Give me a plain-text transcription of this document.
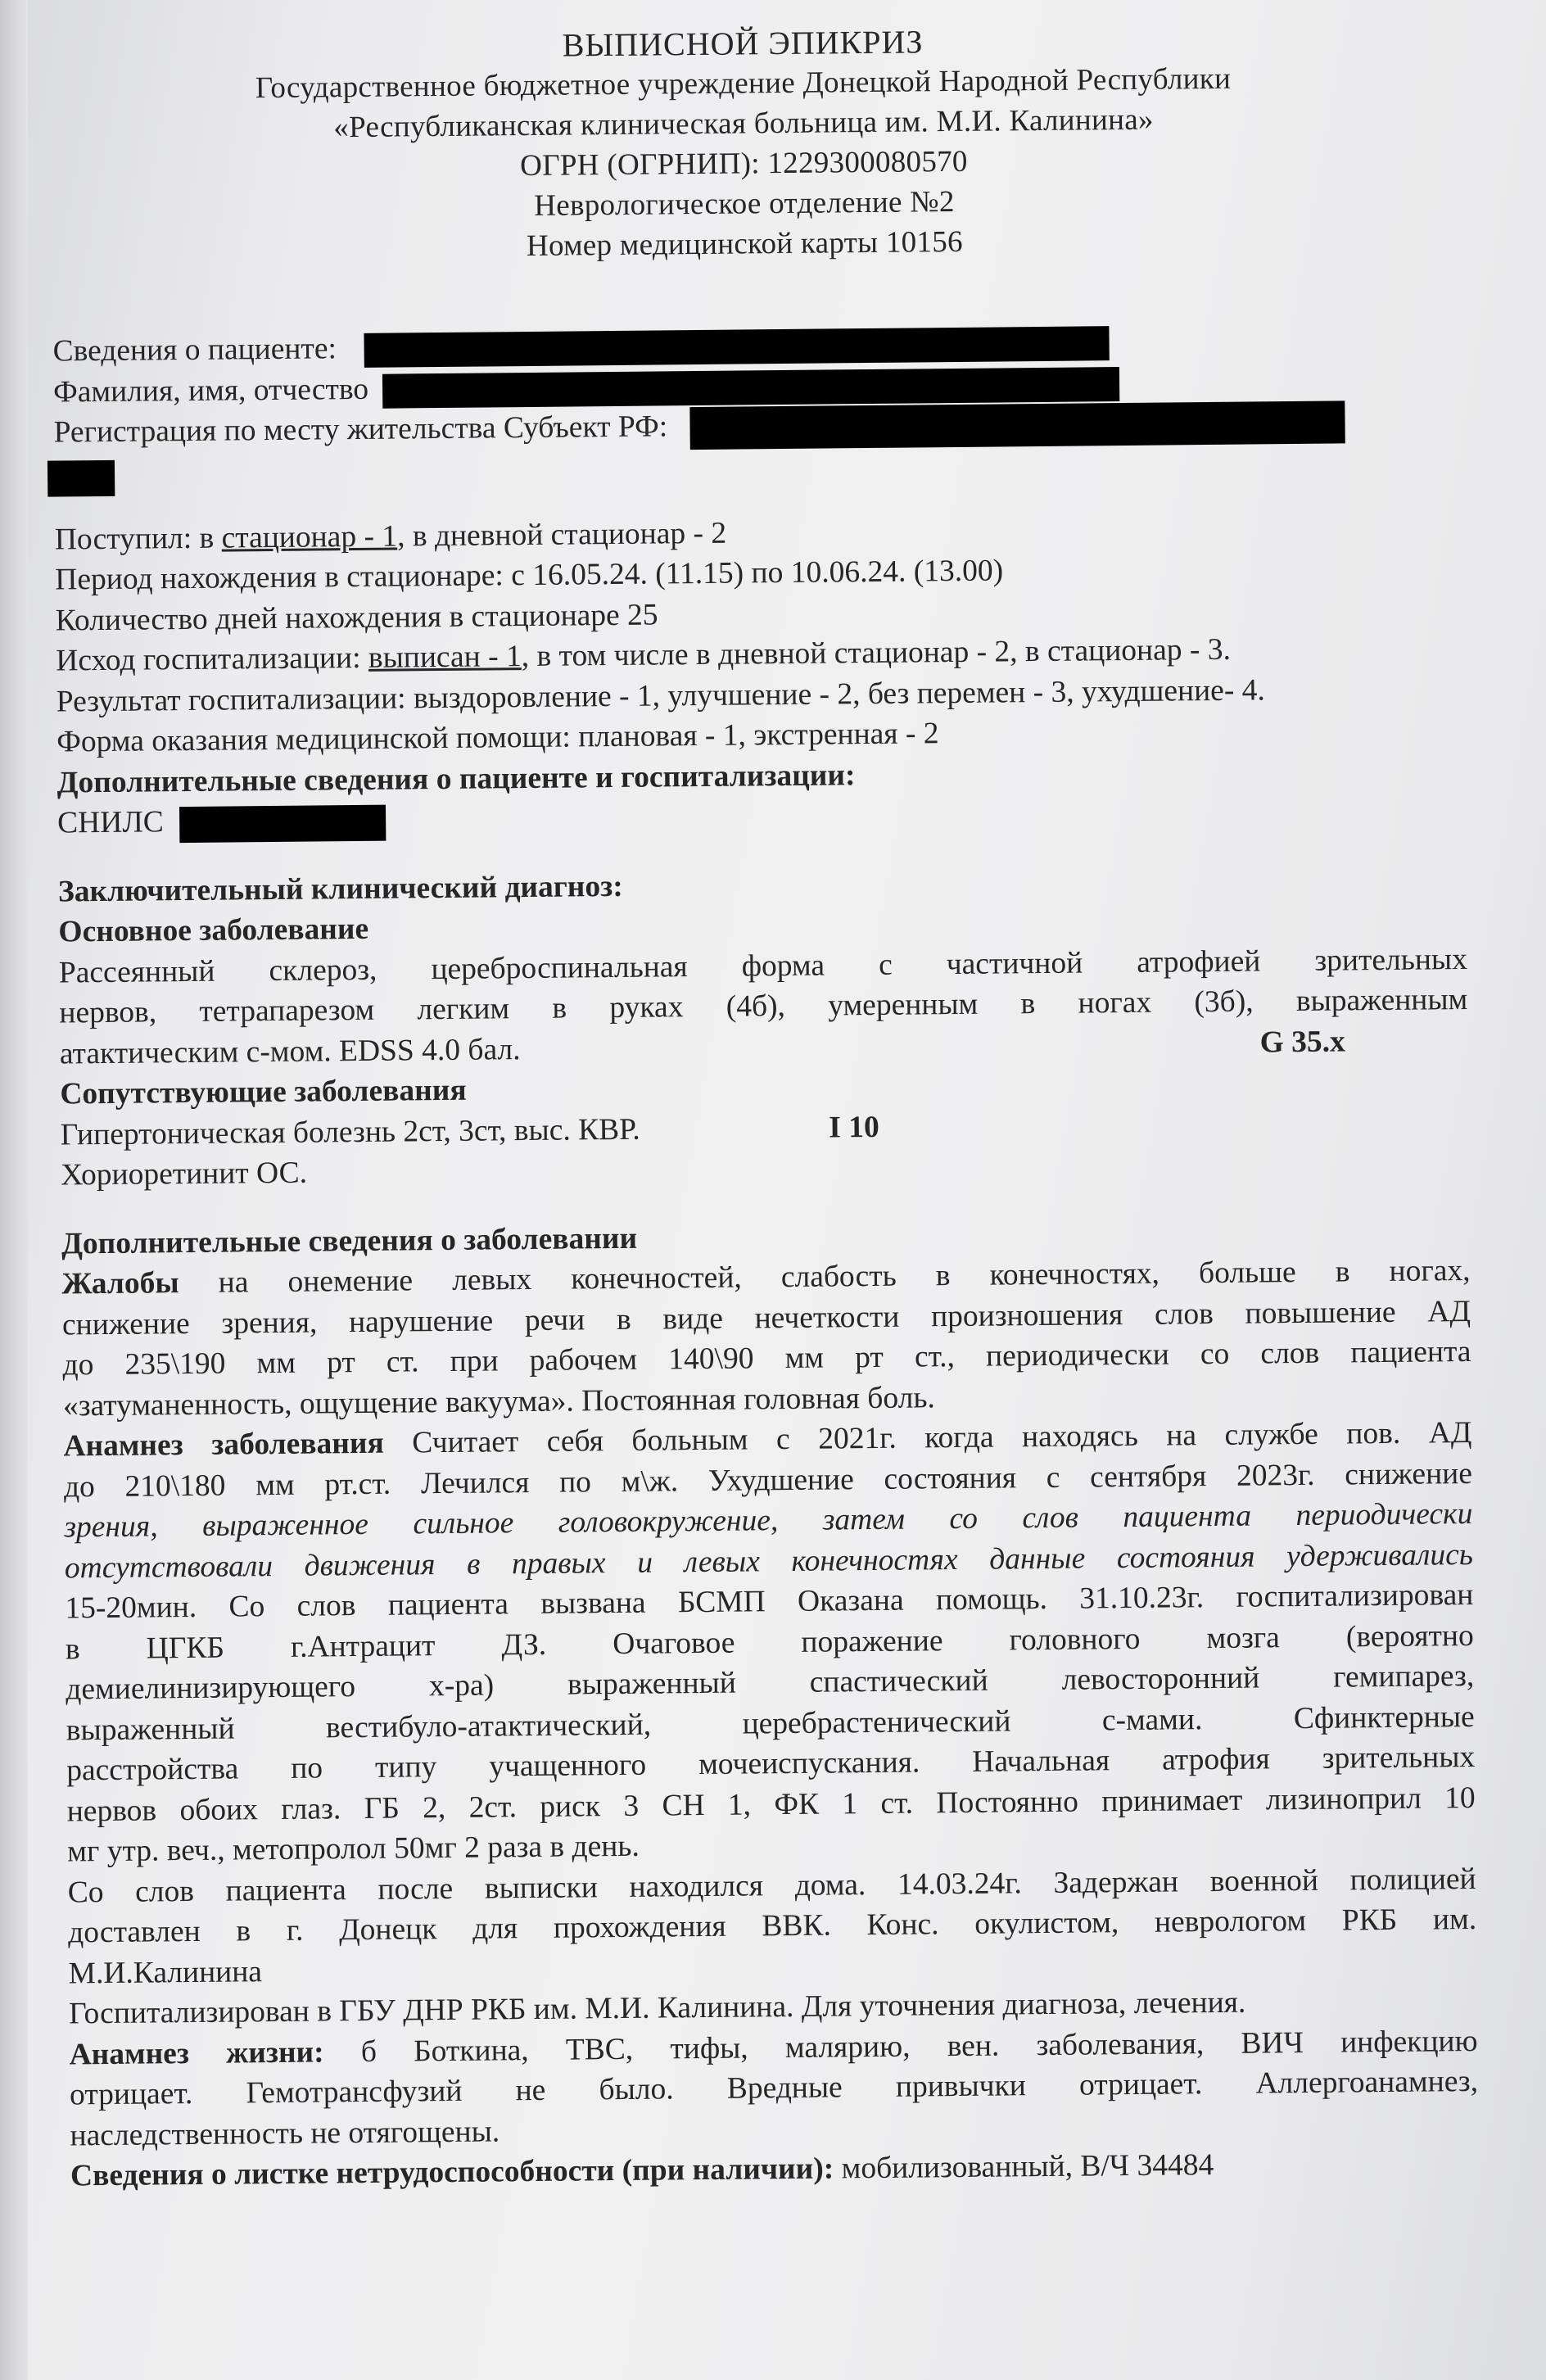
ВЫПИСНОЙ ЭПИКРИЗ
Государственное бюджетное учреждение Донецкой Народной Республики
«Республиканская клиническая больница им. М.И. Калинина»
ОГРН (ОГРНИП): 1229300080570
Неврологическое отделение №2
Номер медицинской карты 10156
Сведения о пациенте:
Фамилия, имя, отчество
Регистрация по месту жительства Субъект РФ:
Поступил: в стационар - 1, в дневной стационар - 2
Период нахождения в стационаре: с 16.05.24. (11.15) по 10.06.24. (13.00)
Количество дней нахождения в стационаре 25
Исход госпитализации: выписан - 1, в том числе в дневной стационар - 2, в стационар - 3.
Результат госпитализации: выздоровление - 1, улучшение - 2, без перемен - 3, ухудшение- 4.
Форма оказания медицинской помощи: плановая - 1, экстренная - 2
Дополнительные сведения о пациенте и госпитализации:
СНИЛС
Заключительный клинический диагноз:
Основное заболевание
Рассеянный склероз, цереброспинальная форма с частичной атрофией зрительных
нервов, тетрапарезом легким в руках (4б), умеренным в ногах (3б), выраженным
атактическим с-мом. EDSS 4.0 бал.	G 35.x
Сопутствующие заболевания
Гипертоническая болезнь 2ст, 3ст, выс. КВР.	I 10
Хориоретинит ОС.
Дополнительные сведения о заболевании
Жалобы на онемение левых конечностей, слабость в конечностях, больше в ногах,
снижение зрения, нарушение речи в виде нечеткости произношения слов повышение АД
до 235\190 мм рт ст. при рабочем 140\90 мм рт ст., периодически со слов пациента
«затуманенность, ощущение вакуума». Постоянная головная боль.
Анамнез заболевания Считает себя больным с 2021г. когда находясь на службе пов. АД
до 210\180 мм рт.ст. Лечился по м\ж. Ухудшение состояния с сентября 2023г. снижение
зрения, выраженное сильное головокружение, затем со слов пациента периодически
отсутствовали движения в правых и левых конечностях данные состояния удерживались
15-20мин. Со слов пациента вызвана БСМП Оказана помощь. 31.10.23г. госпитализирован
в ЦГКБ г.Антрацит ДЗ. Очаговое поражение головного мозга (вероятно
демиелинизирующего х-ра) выраженный спастический левосторонний гемипарез,
выраженный вестибуло-атактический, церебрастенический с-мами. Сфинктерные
расстройства по типу учащенного мочеиспускания. Начальная атрофия зрительных
нервов обоих глаз. ГБ 2, 2ст. риск 3 СН 1, ФК 1 ст. Постоянно принимает лизиноприл 10
мг утр. веч., метопролол 50мг 2 раза в день.
Со слов пациента после выписки находился дома. 14.03.24г. Задержан военной полицией
доставлен в г. Донецк для прохождения ВВК. Конс. окулистом, неврологом РКБ им.
М.И.Калинина
Госпитализирован в ГБУ ДНР РКБ им. М.И. Калинина. Для уточнения диагноза, лечения.
Анамнез жизни: б Боткина, ТВС, тифы, малярию, вен. заболевания, ВИЧ инфекцию
отрицает. Гемотрансфузий не было. Вредные привычки отрицает. Аллергоанамнез,
наследственность не отягощены.
Сведения о листке нетрудоспособности (при наличии): мобилизованный, В/Ч 34484
